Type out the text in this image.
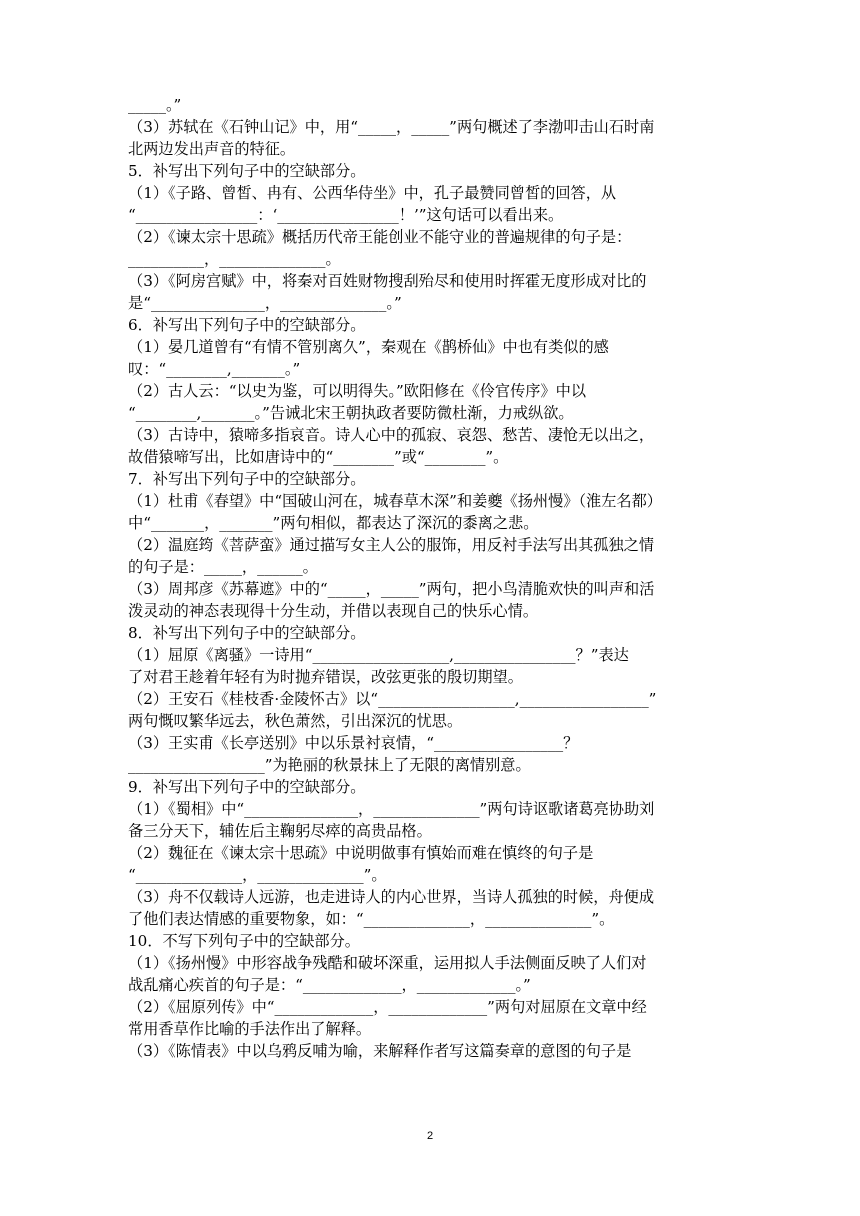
_____。”
（3）苏轼在《石钟山记》中，用“_____，_____”两句概述了李渤叩击山石时南
北两边发出声音的特征。
5．补写出下列句子中的空缺部分。
（1）《子路、曾皙、冉有、公西华侍坐》中，孔子最赞同曾皙的回答，从
“________________：‘________________！’”这句话可以看出来。
（2）《谏太宗十思疏》概括历代帝王能创业不能守业的普遍规律的句子是：
__________，______________。
（3）《阿房宫赋》中，将秦对百姓财物搜刮殆尽和使用时挥霍无度形成对比的
是“_______________，______________。”
6．补写出下列句子中的空缺部分。
（1）晏几道曾有“有情不管别离久”，秦观在《鹊桥仙》中也有类似的感
叹：“________,_______。”
（2）古人云：“以史为鉴，可以明得失。”欧阳修在《伶官传序》中以
“________,_______。”告诫北宋王朝执政者要防微杜渐，力戒纵欲。
（3）古诗中，猿啼多指哀音。诗人心中的孤寂、哀怨、愁苦、凄怆无以出之，
故借猿啼写出，比如唐诗中的“________”或“________”。
7．补写出下列句子中的空缺部分。
（1）杜甫《春望》中“国破山河在，城春草木深”和姜夔《扬州慢》（淮左名都）
中“_______，_______”两句相似，都表达了深沉的黍离之悲。
（2）温庭筠《菩萨蛮》通过描写女主人公的服饰，用反衬手法写出其孤独之情
的句子是：_____，______。
（3）周邦彦《苏幕遮》中的“_____，_____”两句，把小鸟清脆欢快的叫声和活
泼灵动的神态表现得十分生动，并借以表现自己的快乐心情。
8．补写出下列句子中的空缺部分。
（1）屈原《离骚》一诗用“__________________,________________？”表达
了对君王趁着年轻有为时抛弃错误，改弦更张的殷切期望。
（2）王安石《桂枝香·金陵怀古》以“__________________,_________________”
两句慨叹繁华远去，秋色萧然，引出深沉的忧思。
（3）王实甫《长亭送别》中以乐景衬哀情，“_________________？
__________________”为艳丽的秋景抹上了无限的离情别意。
9．补写出下列句子中的空缺部分。
（1）《蜀相》中“_______________，______________”两句诗讴歌诸葛亮协助刘
备三分天下，辅佐后主鞠躬尽瘁的高贵品格。
（2）魏征在《谏太宗十思疏》中说明做事有慎始而难在慎终的句子是
“______________，______________”。
（3）舟不仅载诗人远游，也走进诗人的内心世界，当诗人孤独的时候，舟便成
了他们表达情感的重要物象，如：“______________，______________”。
10．不写下列句子中的空缺部分。
（1）《扬州慢》中形容战争残酷和破坏深重，运用拟人手法侧面反映了人们对
战乱痛心疾首的句子是：“_____________，_____________。”
（2）《屈原列传》中“_____________，_____________”两句对屈原在文章中经
常用香草作比喻的手法作出了解释。
（3）《陈情表》中以乌鸦反哺为喻，来解释作者写这篇奏章的意图的句子是
2
